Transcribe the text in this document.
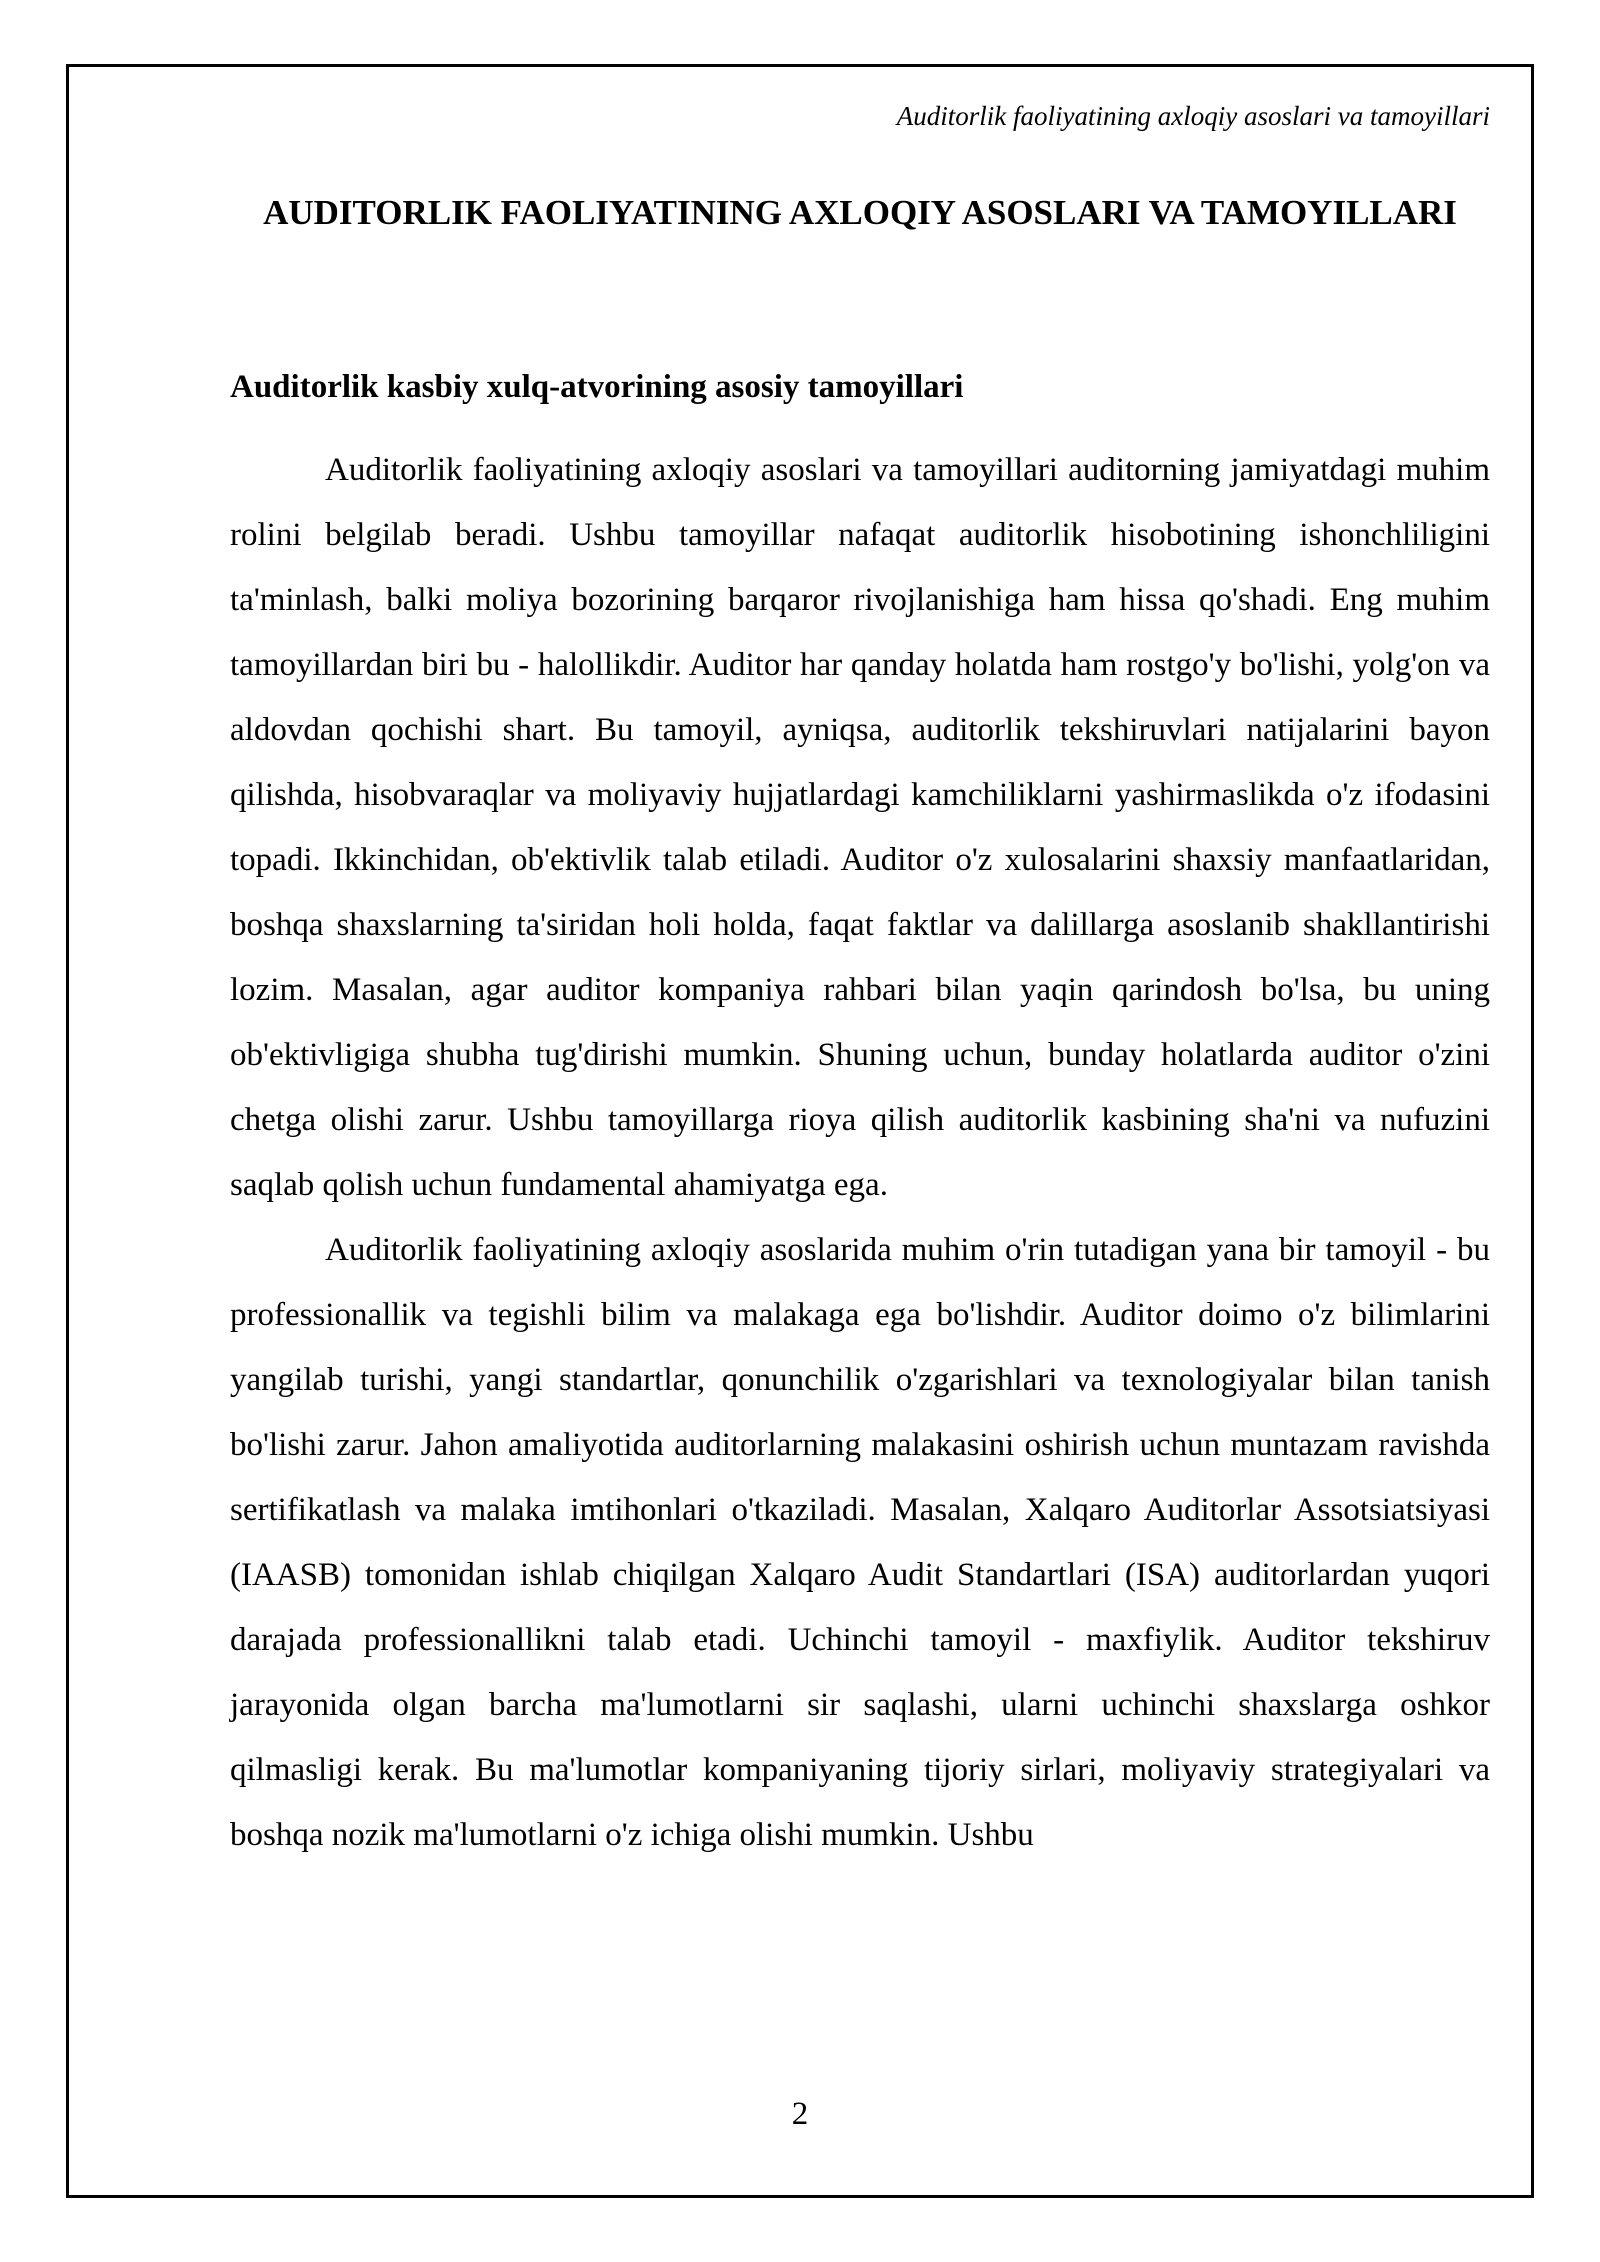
Auditorlik faoliyatining axloqiy asoslari va tamoyillari
AUDITORLIK FAOLIYATINING AXLOQIY ASOSLARI VA TAMOYILLARI
Auditorlik kasbiy xulq-atvorining asosiy tamoyillari

Auditorlik faoliyatining axloqiy asoslari va tamoyillari auditorning jamiyatdagi muhim rolini belgilab beradi. Ushbu tamoyillar nafaqat auditorlik hisobotining ishonchliligini ta'minlash, balki moliya bozorining barqaror rivojlanishiga ham hissa qo'shadi. Eng muhim tamoyillardan biri bu - halollikdir. Auditor har qanday holatda ham rostgo'y bo'lishi, yolg'on va aldovdan qochishi shart. Bu tamoyil, ayniqsa, auditorlik tekshiruvlari natijalarini bayon qilishda, hisobvaraqlar va moliyaviy hujjatlardagi kamchiliklarni yashirmaslikda o'z ifodasini topadi. Ikkinchidan, ob'ektivlik talab etiladi. Auditor o'z xulosalarini shaxsiy manfaatlaridan, boshqa shaxslarning ta'siridan holi holda, faqat faktlar va dalillarga asoslanib shakllantirishi lozim. Masalan, agar auditor kompaniya rahbari bilan yaqin qarindosh bo'lsa, bu uning ob'ektivligiga shubha tug'dirishi mumkin. Shuning uchun, bunday holatlarda auditor o'zini chetga olishi zarur. Ushbu tamoyillarga rioya qilish auditorlik kasbining sha'ni va nufuzini saqlab qolish uchun fundamental ahamiyatga ega.

Auditorlik faoliyatining axloqiy asoslarida muhim o'rin tutadigan yana bir tamoyil - bu professionallik va tegishli bilim va malakaga ega bo'lishdir. Auditor doimo o'z bilimlarini yangilab turishi, yangi standartlar, qonunchilik o'zgarishlari va texnologiyalar bilan tanish bo'lishi zarur. Jahon amaliyotida auditorlarning malakasini oshirish uchun muntazam ravishda sertifikatlash va malaka imtihonlari o'tkaziladi. Masalan, Xalqaro Auditorlar Assotsiatsiyasi (IAASB) tomonidan ishlab chiqilgan Xalqaro Audit Standartlari (ISA) auditorlardan yuqori darajada professionallikni talab etadi. Uchinchi tamoyil - maxfiylik. Auditor tekshiruv jarayonida olgan barcha ma'lumotlarni sir saqlashi, ularni uchinchi shaxslarga oshkor qilmasligi kerak. Bu ma'lumotlar kompaniyaning tijoriy sirlari, moliyaviy strategiyalari va boshqa nozik ma'lumotlarni o'z ichiga olishi mumkin. Ushbu

2
